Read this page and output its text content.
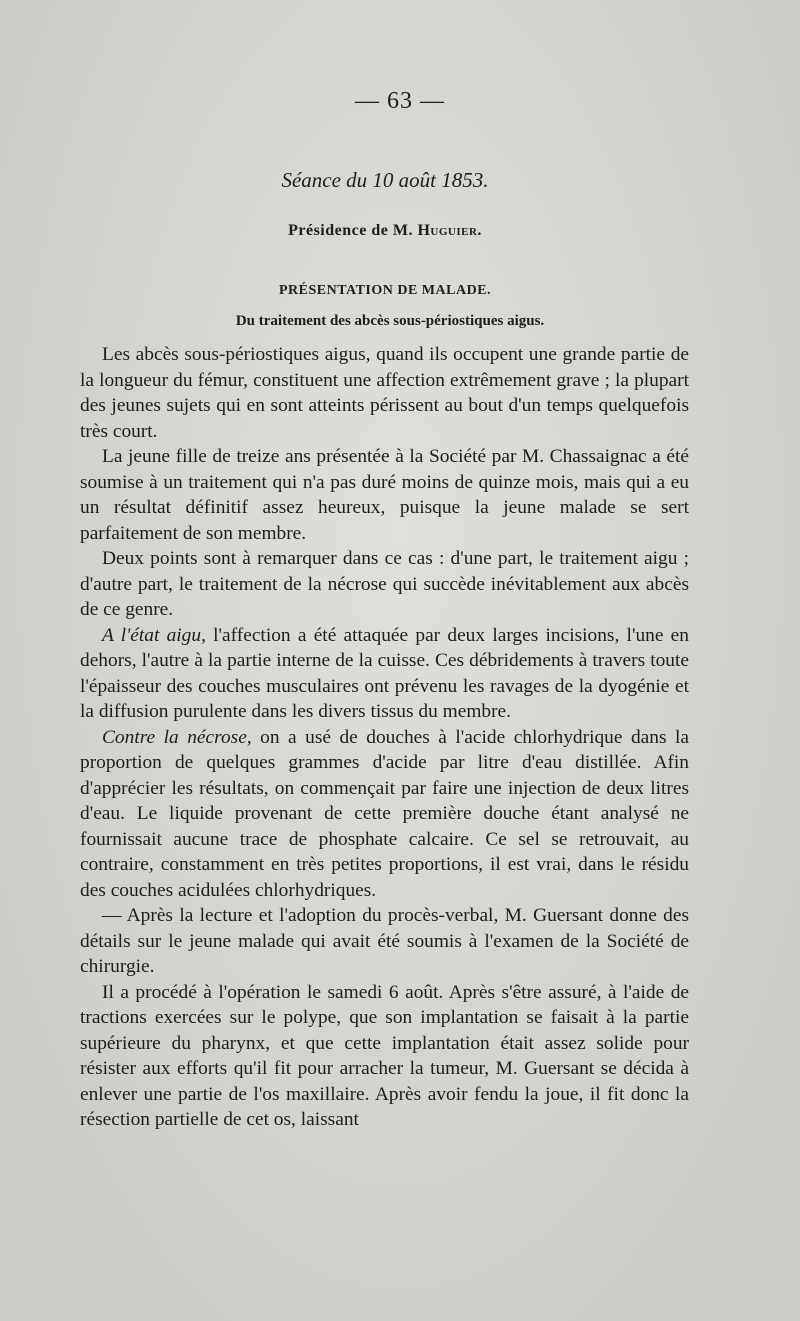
— 63 —
Séance du 10 août 1853.
Présidence de M. Huguier.
PRÉSENTATION DE MALADE.
Du traitement des abcès sous-périostiques aigus.

Les abcès sous-périostiques aigus, quand ils occupent une grande partie de la longueur du fémur, constituent une affection extrêmement grave ; la plupart des jeunes sujets qui en sont atteints périssent au bout d'un temps quelquefois très court.

La jeune fille de treize ans présentée à la Société par M. Chassaignac a été soumise à un traitement qui n'a pas duré moins de quinze mois, mais qui a eu un résultat définitif assez heureux, puisque la jeune malade se sert parfaitement de son membre.

Deux points sont à remarquer dans ce cas : d'une part, le traitement aigu ; d'autre part, le traitement de la nécrose qui succède inévitablement aux abcès de ce genre.

A l'état aigu, l'affection a été attaquée par deux larges incisions, l'une en dehors, l'autre à la partie interne de la cuisse. Ces débridements à travers toute l'épaisseur des couches musculaires ont prévenu les ravages de la dyogénie et la diffusion purulente dans les divers tissus du membre.

Contre la nécrose, on a usé de douches à l'acide chlorhydrique dans la proportion de quelques grammes d'acide par litre d'eau distillée. Afin d'apprécier les résultats, on commençait par faire une injection de deux litres d'eau. Le liquide provenant de cette première douche étant analysé ne fournissait aucune trace de phosphate calcaire. Ce sel se retrouvait, au contraire, constamment en très petites proportions, il est vrai, dans le résidu des couches acidulées chlorhydriques.

— Après la lecture et l'adoption du procès-verbal, M. Guersant donne des détails sur le jeune malade qui avait été soumis à l'examen de la Société de chirurgie.

Il a procédé à l'opération le samedi 6 août. Après s'être assuré, à l'aide de tractions exercées sur le polype, que son implantation se faisait à la partie supérieure du pharynx, et que cette implantation était assez solide pour résister aux efforts qu'il fit pour arracher la tumeur, M. Guersant se décida à enlever une partie de l'os maxillaire. Après avoir fendu la joue, il fit donc la résection partielle de cet os, laissant
